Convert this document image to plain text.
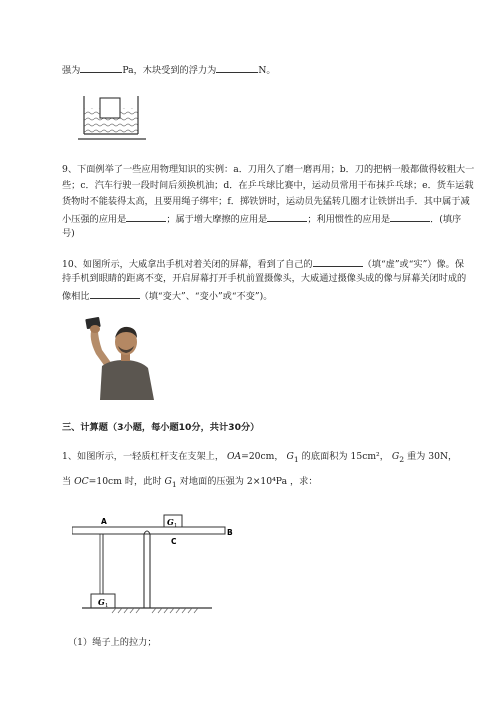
强为	Pa，木块受到的浮力为	N。
9、下面例举了一些应用物理知识的实例：a．刀用久了磨一磨再用；b．刀的把柄一般都做得较粗大一
些；c．汽车行驶一段时间后须换机油；d．在乒乓球比赛中，运动员常用干布抹乒乓球；e．货车运载
货物时不能装得太高，且要用绳子绑牢；f．掷铁饼时，运动员先猛转几圈才让铁饼出手．其中属于减
小压强的应用是	；属于增大摩擦的应用是	；利用惯性的应用是	．(填序
号)
10、如图所示，大威拿出手机对着关闭的屏幕，看到了自己的	（填“虚”或“实”）像。保
持手机到眼睛的距离不变，开启屏幕打开手机前置摄像头，大威通过摄像头成的像与屏幕关闭时成的
像相比	（填“变大”、“变小”或“不变”)。
三、计算题（3小题，每小题10分，共计30分）
1、如图所示，一轻质杠杆支在支架上， OA=20cm， $G_1$ 的底面积为 15cm²， $G_2$ 重为 30N，
当 OC=10cm 时，此时 $G_1$ 对地面的压强为 2×10⁴Pa ，求：
G 1
A
B
C
G 1
（1）绳子上的拉力；
